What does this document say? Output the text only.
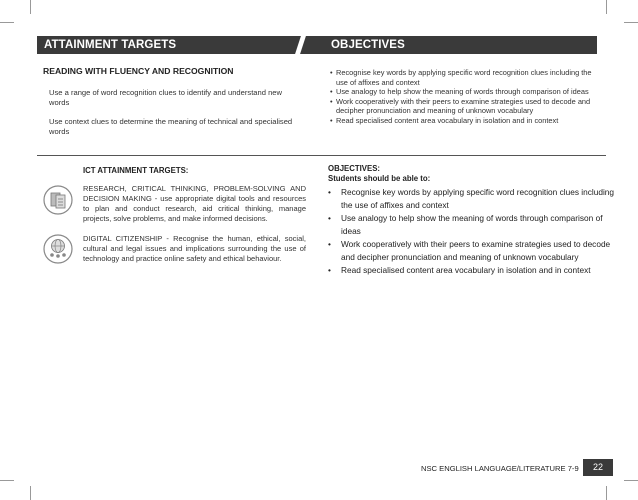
ATTAINMENT TARGETS	OBJECTIVES
READING WITH FLUENCY AND RECOGNITION
Use a range of word recognition clues to identify and understand new words
Use context clues to determine the meaning of technical and specialised words
• Recognise key words by applying specific word recognition clues including the use of affixes and context
• Use analogy to help show the meaning of words through comparison of ideas
• Work cooperatively with their peers to examine strategies used to decode and decipher pronunciation and meaning of unknown vocabulary
• Read specialised content area vocabulary in isolation and in context
ICT ATTAINMENT TARGETS:
RESEARCH, CRITICAL THINKING, PROBLEM-SOLVING AND DECISION MAKING - use appropriate digital tools and resources to plan and conduct research, aid critical thinking, manage projects, solve problems, and make informed decisions.
DIGITAL CITIZENSHIP - Recognise the human, ethical, social, cultural and legal issues and implications surrounding the use of technology and practice online safety and ethical behaviour.
OBJECTIVES:
Students should be able to:
• Recognise key words by applying specific word recognition clues including the use of affixes and context
• Use analogy to help show the meaning of words through comparison of ideas
• Work cooperatively with their peers to examine strategies used to decode and decipher pronunciation and meaning of unknown vocabulary
• Read specialised content area vocabulary in isolation and in context
NSC ENGLISH LANGUAGE/LITERATURE 7-9	22
